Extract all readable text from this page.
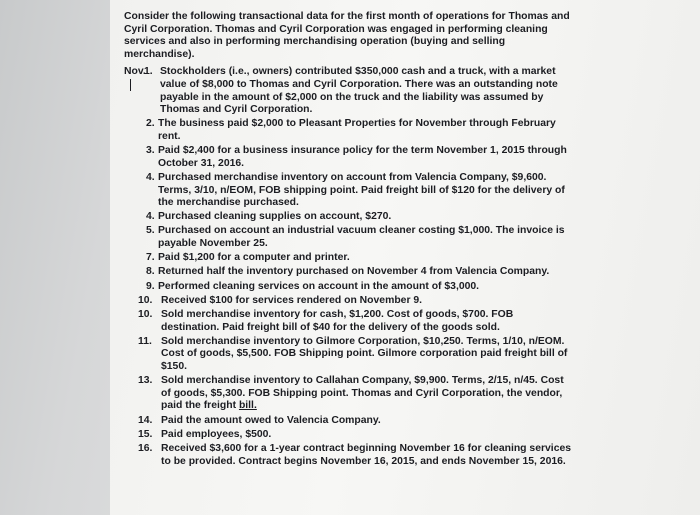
Consider the following transactional data for the first month of operations for Thomas and Cyril Corporation. Thomas and Cyril Corporation was engaged in performing cleaning services and also in performing merchandising operation (buying and selling merchandise).

Nov.
1. Stockholders (i.e., owners) contributed $350,000 cash and a truck, with a market value of $8,000 to Thomas and Cyril Corporation. There was an outstanding note payable in the amount of $2,000 on the truck and the liability was assumed by Thomas and Cyril Corporation.
2. The business paid $2,000 to Pleasant Properties for November through February rent.
3. Paid $2,400 for a business insurance policy for the term November 1, 2015 through October 31, 2016.
4. Purchased merchandise inventory on account from Valencia Company, $9,600. Terms, 3/10, n/EOM, FOB shipping point. Paid freight bill of $120 for the delivery of the merchandise purchased.
4. Purchased cleaning supplies on account, $270.
5. Purchased on account an industrial vacuum cleaner costing $1,000. The invoice is payable November 25.
7. Paid $1,200 for a computer and printer.
8. Returned half the inventory purchased on November 4 from Valencia Company.
9. Performed cleaning services on account in the amount of $3,000.
10. Received $100 for services rendered on November 9.
10. Sold merchandise inventory for cash, $1,200. Cost of goods, $700. FOB destination. Paid freight bill of $40 for the delivery of the goods sold.
11. Sold merchandise inventory to Gilmore Corporation, $10,250. Terms, 1/10, n/EOM. Cost of goods, $5,500. FOB Shipping point. Gilmore corporation paid freight bill of $150.
13. Sold merchandise inventory to Callahan Company, $9,900. Terms, 2/15, n/45. Cost of goods, $5,300. FOB Shipping point. Thomas and Cyril Corporation, the vendor, paid the freight bill.
14. Paid the amount owed to Valencia Company.
15. Paid employees, $500.
16. Received $3,600 for a 1-year contract beginning November 16 for cleaning services to be provided. Contract begins November 16, 2015, and ends November 15, 2016.
